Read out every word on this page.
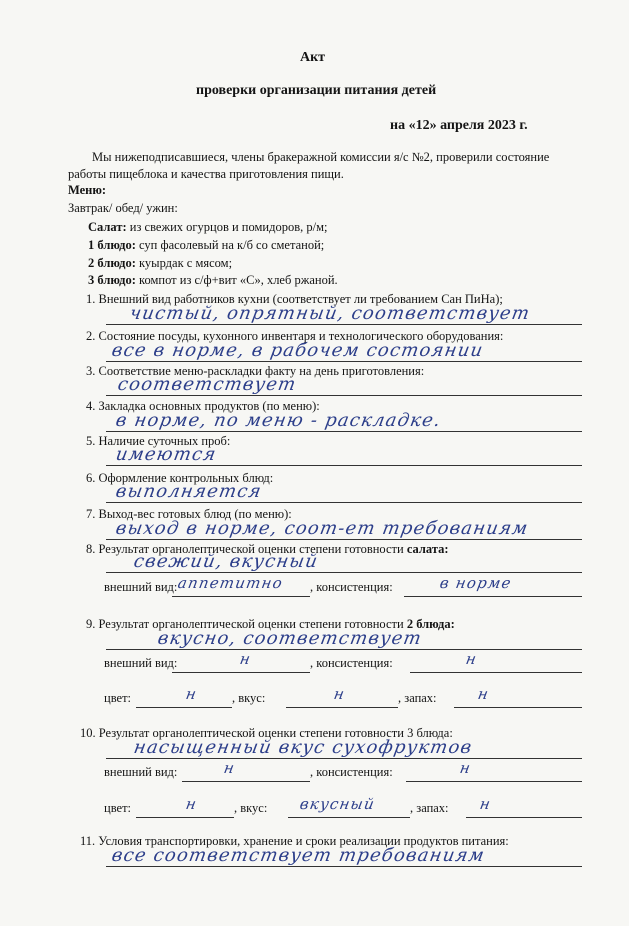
Акт
проверки организации питания детей
на «12» апреля 2023 г.
Мы нижеподписавшиеся, члены бракеражной комиссии я/с №2, проверили состояние
работы пищеблока и качества приготовления пищи.
Меню:
Завтрак/ обед/ ужин:
Салат: из свежих огурцов и помидоров, р/м;
1 блюдо: суп фасолевый на к/б со сметаной;
2 блюдо: куырдак с мясом;
3 блюдо: компот из с/ф+вит «С», хлеб ржаной.
1. Внешний вид работников кухни (соответствует ли требованием Сан ПиНа);
чистый, опрятный, соответствует
2. Состояние посуды, кухонного инвентаря и технологического оборудования:
все в норме, в рабочем состоянии
3. Соответствие меню-раскладки факту на день приготовления:
соответствует
4. Закладка основных продуктов (по меню):
в норме, по меню - раскладке.
5. Наличие суточных проб:
имеются
6. Оформление контрольных блюд:
выполняется
7. Выход-вес готовых блюд (по меню):
выход в норме, соот-ет требованиям
8. Результат органолептической оценки степени готовности салата:
свежий, вкусный
внешний вид: аппетитно , консистенция:	в норме
9. Результат органолептической оценки степени готовности 2 блюда:
вкусно, соответствует
внешний вид:	н	, консистенция:	н
цвет:	н	, вкус:	н	, запах:	н
10. Результат органолептической оценки степени готовности 3 блюда:
насыщенный вкус сухофруктов
внешний вид:	н	, консистенция:	н
цвет:	н	, вкус: вкусный	, запах: н
11. Условия транспортировки, хранение и сроки реализации продуктов питания:
все соответствует требованиям
